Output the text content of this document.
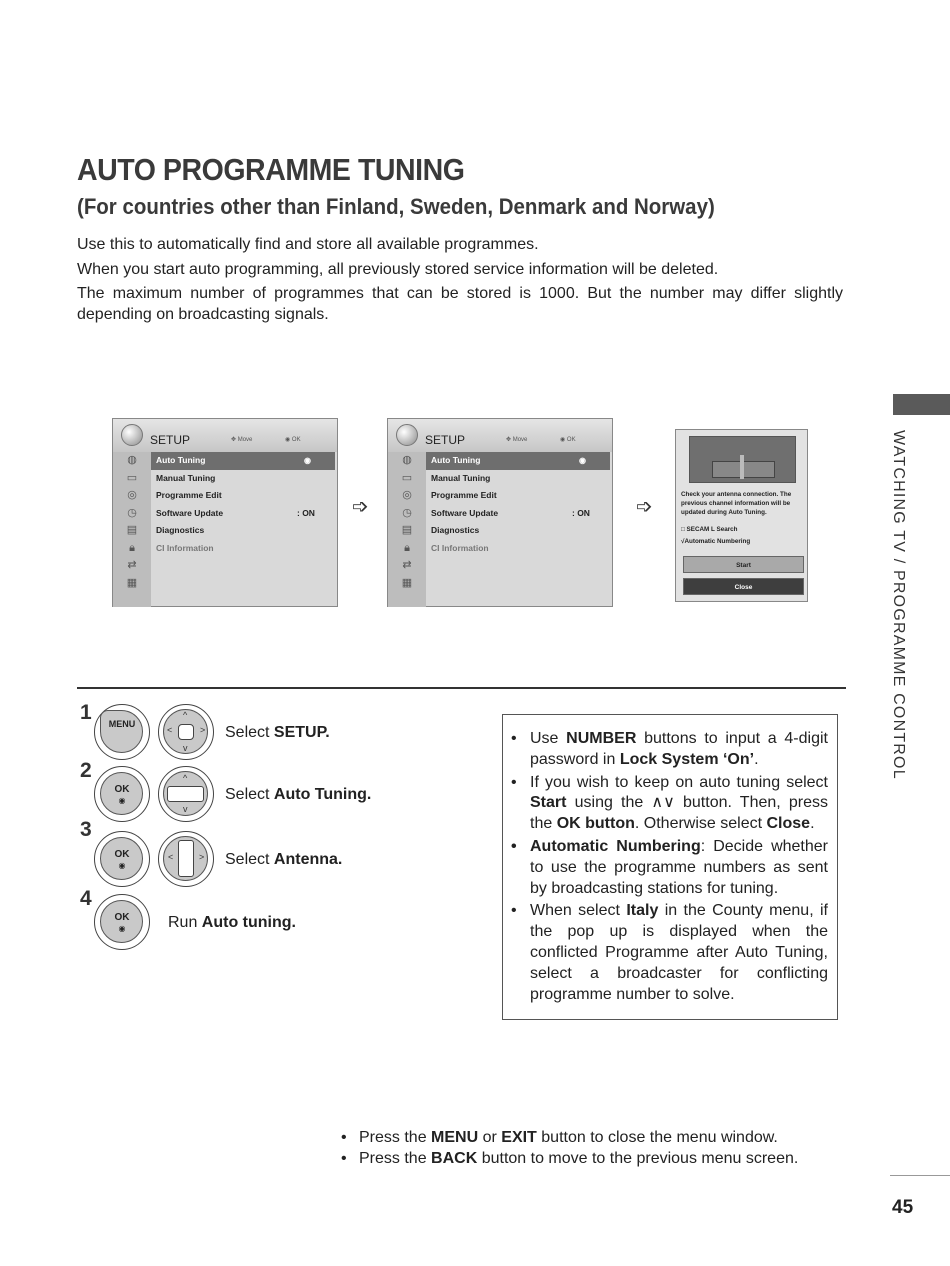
AUTO PROGRAMME TUNING
(For countries other than Finland, Sweden, Denmark and Norway)

Use this to automatically find and store all available programmes.

When you start auto programming, all previously stored service information will be deleted.

The maximum number of programmes that can be stored is 1000. But the number may differ slightly depending on broadcasting signals.

WATCHING TV / PROGRAMME CONTROL
SETUP	✥ Move	◉ OK
◍
▭
◎
◷
▤
🔒︎
⇄
▦
Auto Tuning	◉
Manual Tuning
Programme Edit
Software Update	: ON
Diagnostics
CI Information
➩
SETUP	✥ Move	◉ OK
◍
▭
◎
◷
▤
🔒︎
⇄
▦
Auto Tuning	◉
Manual Tuning
Programme Edit
Software Update	: ON
Diagnostics
CI Information
➩
Check your antenna connection. The previous channel information will be updated during Auto Tuning.
□ SECAM L Search
√Automatic Numbering
Start
Close
1	MENU
^
v
<	> Select SETUP.
2
OK
◉
^
v
Select Auto Tuning.
3
OK
◉
<	> Select Antenna.
4
OK
◉	Run Auto tuning.
• Use NUMBER buttons to input a 4-digit password in Lock System ‘On’.
• If you wish to keep on auto tuning select Start using the ∧∨ button. Then, press the OK button. Otherwise select Close.
• Automatic Numbering: Decide whether to use the programme numbers as sent by broadcasting stations for tuning.
• When select Italy in the County menu, if the pop up is displayed when the conflicted Programme after Auto Tuning, select a broadcaster for conflicting programme number to solve.
• Press the MENU or EXIT button to close the menu window.
• Press the BACK button to move to the previous menu screen.
45
